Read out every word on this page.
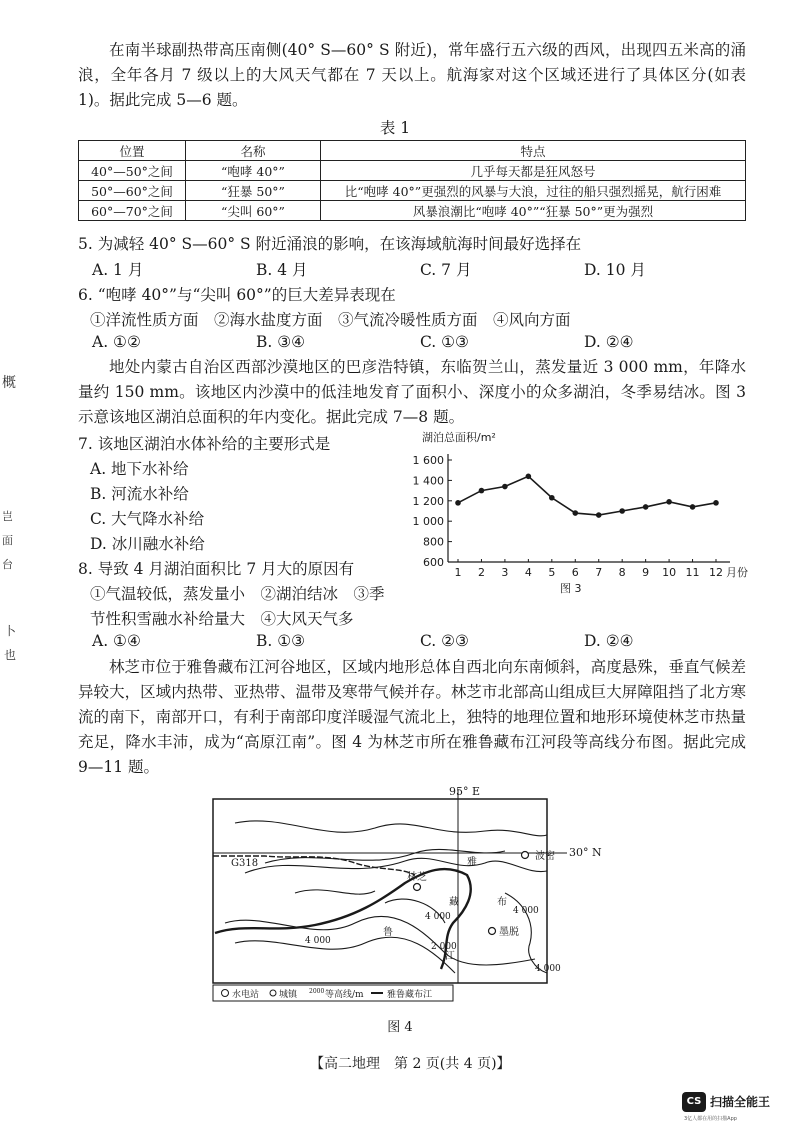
概
岂
面
台
卜
也
在南半球副热带高压南侧(40° S—60° S 附近)，常年盛行五六级的西风，出现四五米高的涌浪，全年各月 7 级以上的大风天气都在 7 天以上。航海家对这个区域还进行了具体区分(如表 1)。据此完成 5—6 题。
表 1
位置	名称	特点
40°—50°之间	“咆哮 40°”	几乎每天都是狂风怒号
50°—60°之间	“狂暴 50°”	比“咆哮 40°”更强烈的风暴与大浪，过往的船只强烈摇晃，航行困难
60°—70°之间	“尖叫 60°”	风暴浪潮比“咆哮 40°”“狂暴 50°”更为强烈
5. 为减轻 40° S—60° S 附近涌浪的影响，在该海域航海时间最好选择在
A. 1 月	B. 4 月	C. 7 月	D. 10 月
6. “咆哮 40°”与“尖叫 60°”的巨大差异表现在
①洋流性质方面　②海水盐度方面　③气流冷暖性质方面　④风向方面
A. ①②	B. ③④	C. ①③	D. ②④
地处内蒙古自治区西部沙漠地区的巴彦浩特镇，东临贺兰山，蒸发量近 3 000 mm，年降水量约 150 mm。该地区内沙漠中的低洼地发育了面积小、深度小的众多湖泊，冬季易结冰。图 3 示意该地区湖泊总面积的年内变化。据此完成 7—8 题。
7. 该地区湖泊水体补给的主要形式是
A. 地下水补给
B. 河流水补给
C. 大气降水补给
D. 冰川融水补给
8. 导致 4 月湖泊面积比 7 月大的原因有
①气温较低，蒸发量小　②湖泊结冰　③季
节性积雪融水补给量大　④大风天气多
A. ①④	B. ①③	C. ②③	D. ②④
湖泊总面积/m²
600
800
1 000
1 200
1 400
1 600
1 2 3 4 5 6 7 8 9 10 11 12 月份
图 3
林芝市位于雅鲁藏布江河谷地区，区域内地形总体自西北向东南倾斜，高度悬殊，垂直气候差异较大，区域内热带、亚热带、温带及寒带气候并存。林芝市北部高山组成巨大屏障阻挡了北方寒流的南下，南部开口，有利于南部印度洋暖湿气流北上，独特的地理位置和地形环境使林芝市热量充足，降水丰沛，成为“高原江南”。图 4 为林芝市所在雅鲁藏布江河段等高线分布图。据此完成 9—11 题。
95° E
30° N
G318
林芝
波密
墨脱
雅
鲁
藏	布
江
4 000
4 000
4 000
4 000
2 000
水电站 城镇 2000 等高线/m	雅鲁藏布江
图 4
【高二地理　第 2 页(共 4 页)】
CS 扫描全能王
3亿人都在用的扫描App
